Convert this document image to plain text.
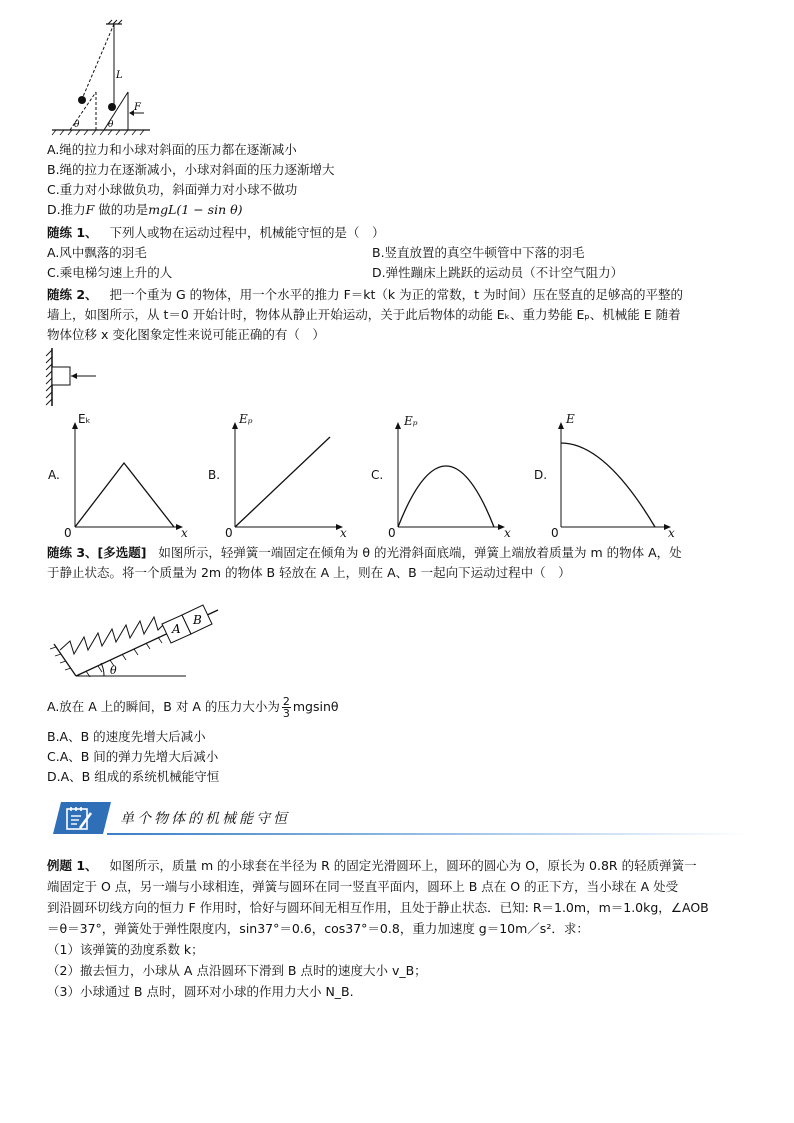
L
F
θ	θ
A.绳的拉力和小球对斜面的压力都在逐渐减小
B.绳的拉力在逐渐减小，小球对斜面的压力逐渐增大
C.重力对小球做负功，斜面弹力对小球不做功
D.推力F 做的功是mgL(1 − sin θ)
随练 1、 下列人或物在运动过程中，机械能守恒的是（　）
A.风中飘落的羽毛	B.竖直放置的真空牛顿管中下落的羽毛
C.乘电梯匀速上升的人	D.弹性蹦床上跳跃的运动员（不计空气阻力）
随练 2、 把一个重为 G 的物体，用一个水平的推力 F＝kt（k 为正的常数，t 为时间）压在竖直的足够高的平整的
墙上，如图所示，从 t＝0 开始计时，物体从静止开始运动，关于此后物体的动能 Eₖ、重力势能 Eₚ、机械能 E 随着
物体位移 x 变化图象定性来说可能正确的有（　）
A.
Eₖ
0	x
B.
Eₚ
0	x
C.
Eₚ
0	x
D.
E
0	x
随练 3、[多选题] 如图所示，轻弹簧一端固定在倾角为 θ 的光滑斜面底端，弹簧上端放着质量为 m 的物体 A，处
于静止状态。将一个质量为 2m 的物体 B 轻放在 A 上，则在 A、B 一起向下运动过程中（　）
A
B
θ
A.放在 A 上的瞬间，B 对 A 的压力大小为 $\frac{2}{3}$ mgsinθ
B.A、B 的速度先增大后减小
C.A、B 间的弹力先增大后减小
D.A、B 组成的系统机械能守恒
单个物体的机械能守恒
例题 1、 如图所示，质量 m 的小球套在半径为 R 的固定光滑圆环上，圆环的圆心为 O，原长为 0.8R 的轻质弹簧一
端固定于 O 点，另一端与小球相连，弹簧与圆环在同一竖直平面内，圆环上 B 点在 O 的正下方，当小球在 A 处受
到沿圆环切线方向的恒力 F 作用时，恰好与圆环间无相互作用，且处于静止状态．已知: R＝1.0m，m＝1.0kg，∠AOB
＝θ＝37°，弹簧处于弹性限度内，sin37°＝0.6，cos37°＝0.8，重力加速度 g＝10m／s²．求：
（1）该弹簧的劲度系数 k；
（2）撤去恒力，小球从 A 点沿圆环下滑到 B 点时的速度大小 v_B；
（3）小球通过 B 点时，圆环对小球的作用力大小 N_B.
